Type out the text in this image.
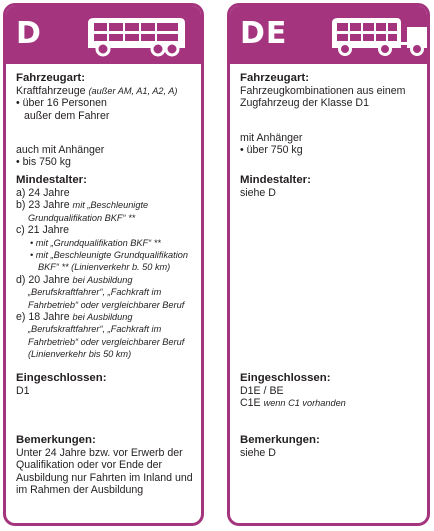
D

Fahrzeugart:

Kraftfahrzeuge (außer AM, A1, A2, A)

• über 16 Personen

außer dem Fahrer

auch mit Anhänger

• bis 750 kg

Mindestalter:

a) 24 Jahre

b) 23 Jahre mit „Beschleunigte Grundqualifikation BKF“ **

c) 21 Jahre

• mit „Grundqualifikation BKF“ **

• mit „Beschleunigte Grundqualifikation BKF“ ** (Linienverkehr b. 50 km)

d) 20 Jahre bei Ausbildung „Berufskraftfahrer“, „Fachkraft im Fahrbetrieb“ oder vergleichbarer Beruf

e) 18 Jahre bei Ausbildung „Berufskraftfahrer“, „Fachkraft im Fahrbetrieb“ oder vergleichbarer Beruf (Linienverkehr bis 50 km)

Eingeschlossen:

D1

Bemerkungen:

Unter 24 Jahre bzw. vor Erwerb der Qualifikation oder vor Ende der Ausbildung nur Fahrten im Inland und im Rahmen der Ausbildung

DE

Fahrzeugart:

Fahrzeugkombinationen aus einem Zugfahrzeug der Klasse D1

mit Anhänger

• über 750 kg

Mindestalter:

siehe D

Eingeschlossen:

D1E / BE

C1E wenn C1 vorhanden

Bemerkungen:

siehe D
